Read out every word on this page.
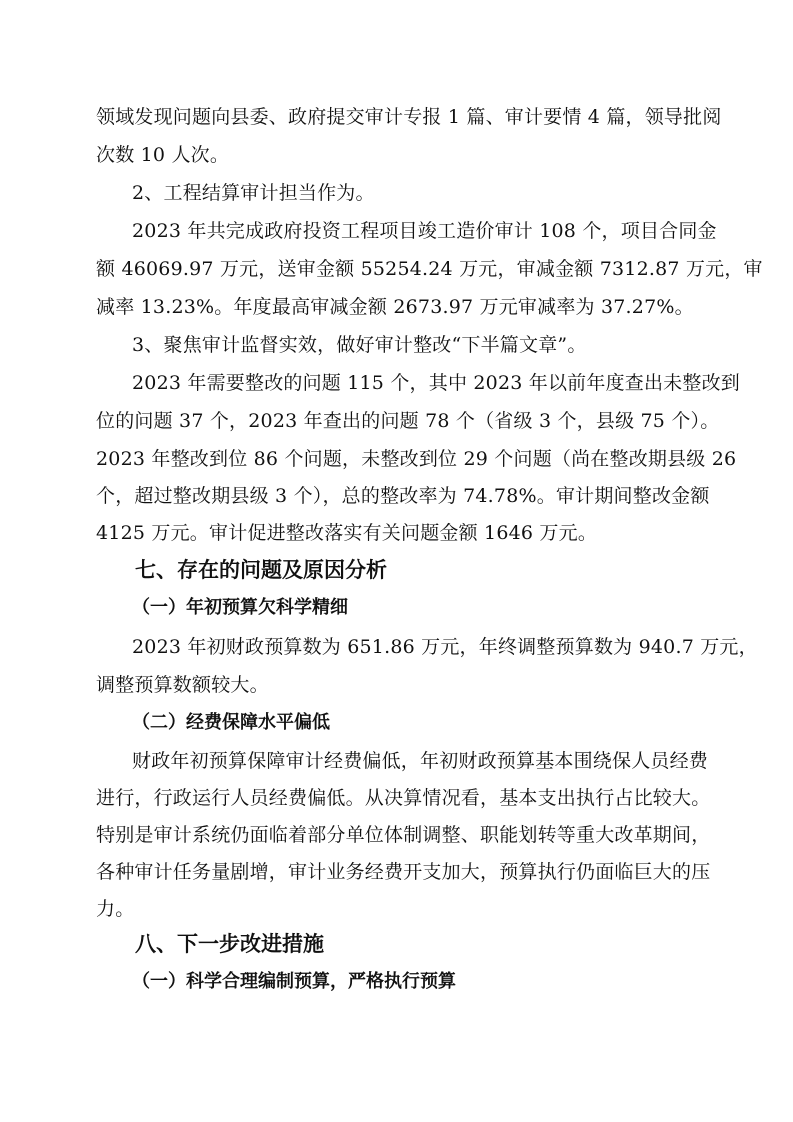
领域发现问题向县委、政府提交审计专报 1 篇、审计要情 4 篇，领导批阅
次数 10 人次。
2、工程结算审计担当作为。
2023 年共完成政府投资工程项目竣工造价审计 108 个，项目合同金
额 46069.97 万元，送审金额 55254.24 万元，审减金额 7312.87 万元，审
减率 13.23%。年度最高审减金额 2673.97 万元审减率为 37.27%。
3、聚焦审计监督实效，做好审计整改“下半篇文章”。
2023 年需要整改的问题 115 个，其中 2023 年以前年度查出未整改到
位的问题 37 个，2023 年查出的问题 78 个（省级 3 个，县级 75 个）。
2023 年整改到位 86 个问题，未整改到位 29 个问题（尚在整改期县级 26
个，超过整改期县级 3 个），总的整改率为 74.78%。审计期间整改金额
4125 万元。审计促进整改落实有关问题金额 1646 万元。
七、存在的问题及原因分析
（一）年初预算欠科学精细
2023 年初财政预算数为 651.86 万元，年终调整预算数为 940.7 万元，
调整预算数额较大。
（二）经费保障水平偏低
财政年初预算保障审计经费偏低，年初财政预算基本围绕保人员经费
进行，行政运行人员经费偏低。从决算情况看，基本支出执行占比较大。
特别是审计系统仍面临着部分单位体制调整、职能划转等重大改革期间，
各种审计任务量剧增，审计业务经费开支加大，预算执行仍面临巨大的压
力。
八、下一步改进措施
（一）科学合理编制预算，严格执行预算
